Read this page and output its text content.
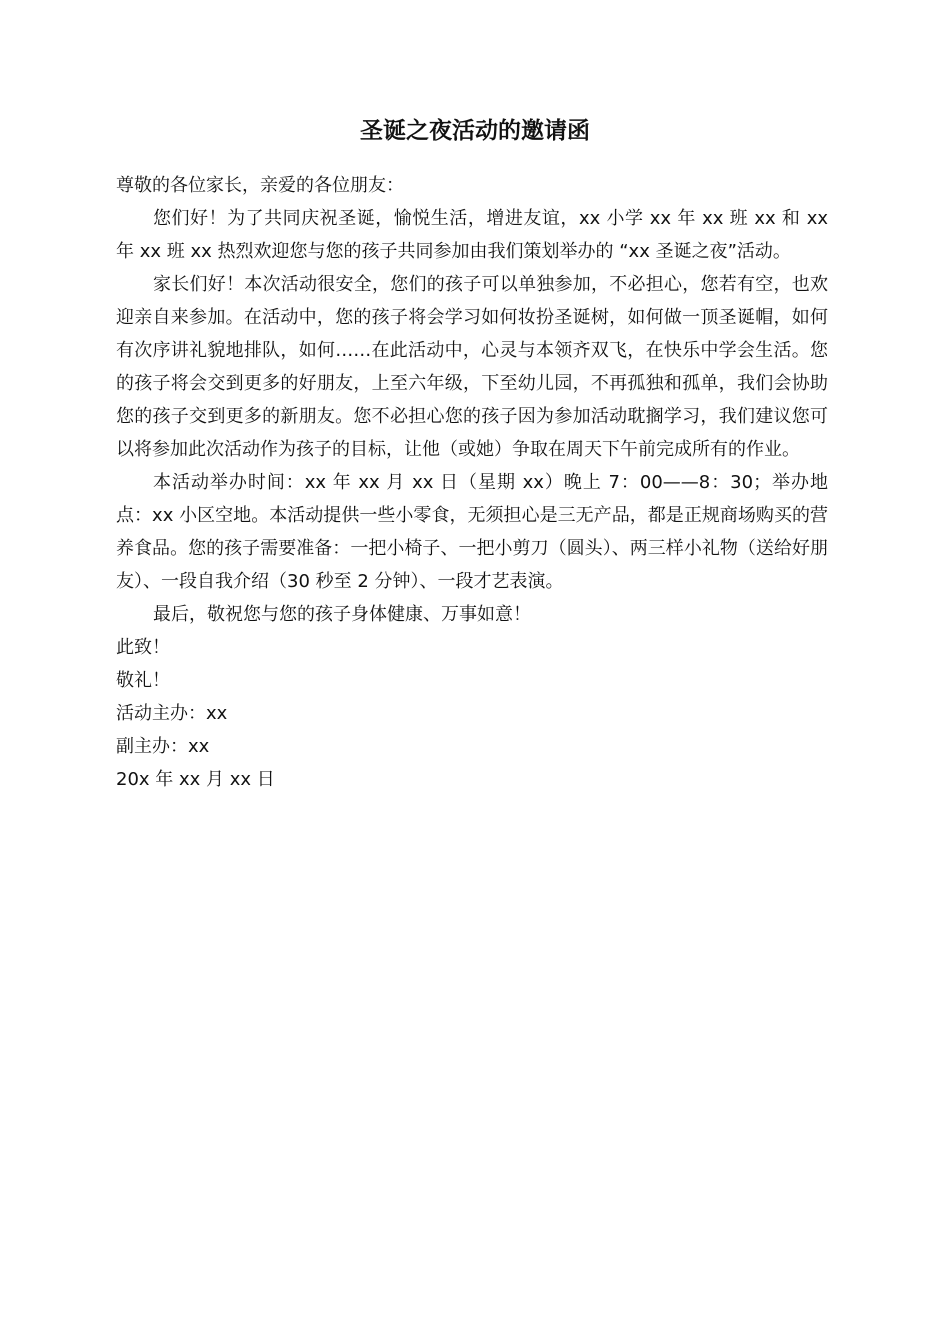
圣诞之夜活动的邀请函

尊敬的各位家长，亲爱的各位朋友：

您们好！为了共同庆祝圣诞，愉悦生活，增进友谊，xx 小学 xx 年 xx 班 xx 和 xx 年 xx 班 xx 热烈欢迎您与您的孩子共同参加由我们策划举办的 “xx 圣诞之夜”活动。

家长们好！本次活动很安全，您们的孩子可以单独参加，不必担心，您若有空，也欢迎亲自来参加。在活动中，您的孩子将会学习如何妆扮圣诞树，如何做一顶圣诞帽，如何有次序讲礼貌地排队，如何……在此活动中，心灵与本领齐双飞，在快乐中学会生活。您的孩子将会交到更多的好朋友，上至六年级，下至幼儿园，不再孤独和孤单，我们会协助您的孩子交到更多的新朋友。您不必担心您的孩子因为参加活动耽搁学习，我们建议您可以将参加此次活动作为孩子的目标，让他（或她）争取在周天下午前完成所有的作业。

本活动举办时间：xx 年 xx 月 xx 日（星期 xx）晚上 7：00——8：30；举办地点：xx 小区空地。本活动提供一些小零食，无须担心是三无产品，都是正规商场购买的营养食品。您的孩子需要准备：一把小椅子、一把小剪刀（圆头）、两三样小礼物（送给好朋友）、一段自我介绍（30 秒至 2 分钟）、一段才艺表演。

最后，敬祝您与您的孩子身体健康、万事如意！

此致！

敬礼！

活动主办：xx

副主办：xx

20x 年 xx 月 xx 日
